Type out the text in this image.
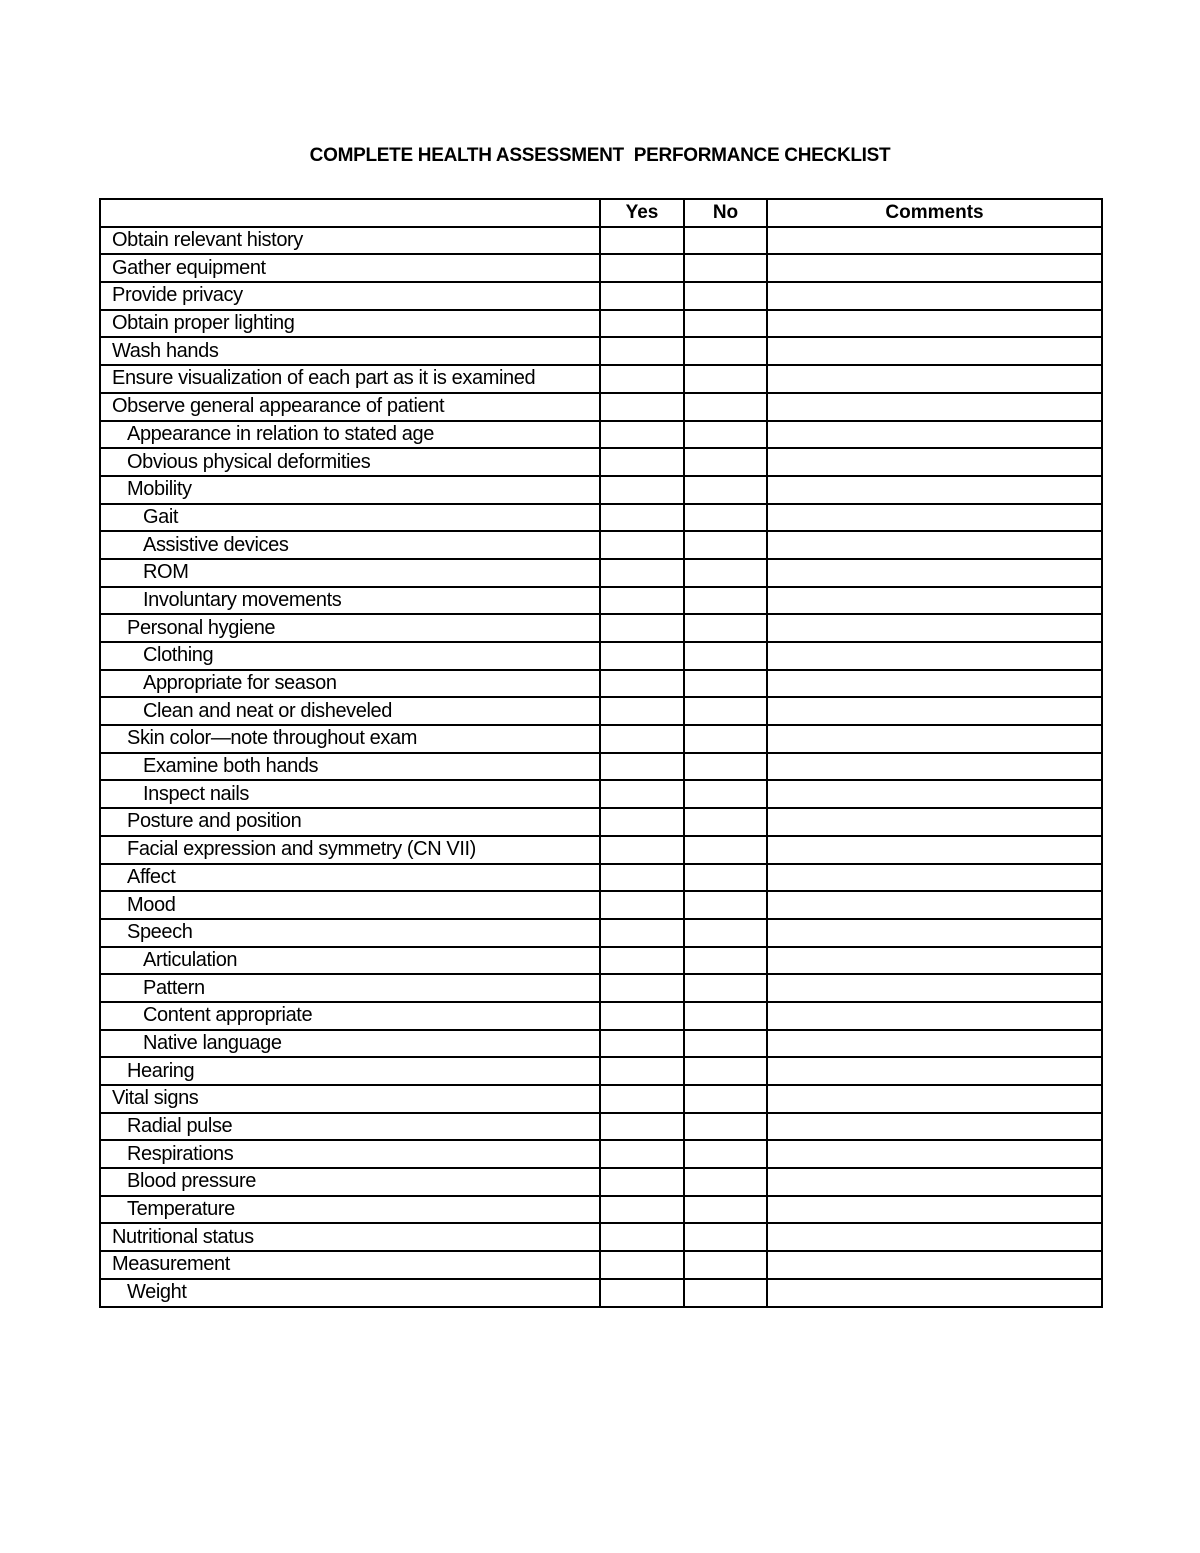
COMPLETE HEALTH ASSESSMENT  PERFORMANCE CHECKLIST
	Yes	No	Comments
Obtain relevant history			
Gather equipment			
Provide privacy			
Obtain proper lighting			
Wash hands			
Ensure visualization of each part as it is examined			
Observe general appearance of patient			
Appearance in relation to stated age			
Obvious physical deformities			
Mobility			
Gait			
Assistive devices			
ROM			
Involuntary movements			
Personal hygiene			
Clothing			
Appropriate for season			
Clean and neat or disheveled			
Skin color—note throughout exam			
Examine both hands			
Inspect nails			
Posture and position			
Facial expression and symmetry (CN VII)			
Affect			
Mood			
Speech			
Articulation			
Pattern			
Content appropriate			
Native language			
Hearing			
Vital signs			
Radial pulse			
Respirations			
Blood pressure			
Temperature			
Nutritional status			
Measurement			
Weight			
